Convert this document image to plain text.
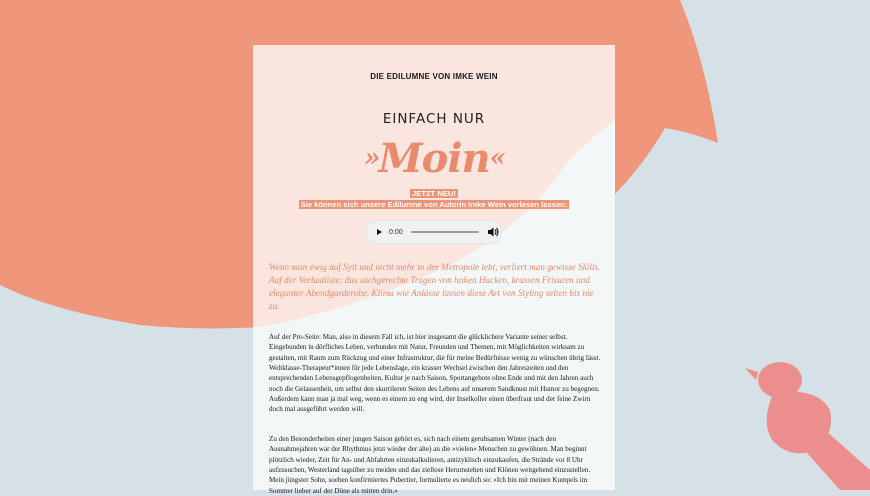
DIE EDILUMNE VON IMKE WEIN
EINFACH NUR
»Moin«
JETZT NEU!
Sie können sich unsere Edilumne von Autorin Imke Wein vorlesen lassen:
0:00
Wenn man ewig auf Sylt und nicht mehr in der Metropole lebt, verliert man gewisse Skills. Auf der Verlustliste: das sachgerechte Tragen von hohen Hacken, krassen Frisuren und eleganter Abendgarderobe. Klima wie Anlässe lassen diese Art von Styling selten bis nie zu.
Auf der Pro-Seite: Man, also in diesem Fall ich, ist hier insgesamt die glücklichere Variante seiner selbst. Eingebunden in dörfliches Leben, verbunden mit Natur, Freunden und Themen, mit Möglichkeiten wirksam zu gestalten, mit Raum zum Rückzug und einer Infrastruktur, die für meine Bedürfnisse wenig zu wünschen übrig lässt. Weltklasse-Therapeut*innen für jede Lebenslage, ein krasser Wechsel zwischen den Jahreszeiten und den entsprechenden Lebensgepflogenheiten, Kultur je nach Saison, Sportangebote ohne Ende und mit den Jahren auch noch die Gelassenheit, um selbst den skurrileren Seiten des Lebens auf unserem Sandknust mit Humor zu begegnen. Außerdem kann man ja mal weg, wenn es einem zu eng wird, der Inselkoller einen überfraut und der feine Zwirn doch mal ausgeführt werden will.
Zu den Besonderheiten einer jungen Saison gehört es, sich nach einem geruhsamen Winter (nach den Ausnahmejahren war der Rhythmus jetzt wieder der alte) an die »vielen« Menschen zu gewöhnen. Man beginnt plötzlich wieder, Zeit für An- und Abfahrten einzukalkulieren, antizyklisch einzukaufen, die Strände vor 8 Uhr aufzusuchen, Westerland tagsüber zu meiden und das ziellose Herumstehen und Klönen weitgehend einzustellen. Mein jüngster Sohn, soeben konfirmiertes Pubertier, formulierte es neulich so: »Ich bin mit meinen Kumpels im Sommer lieber auf der Düne als mitten drin.«
